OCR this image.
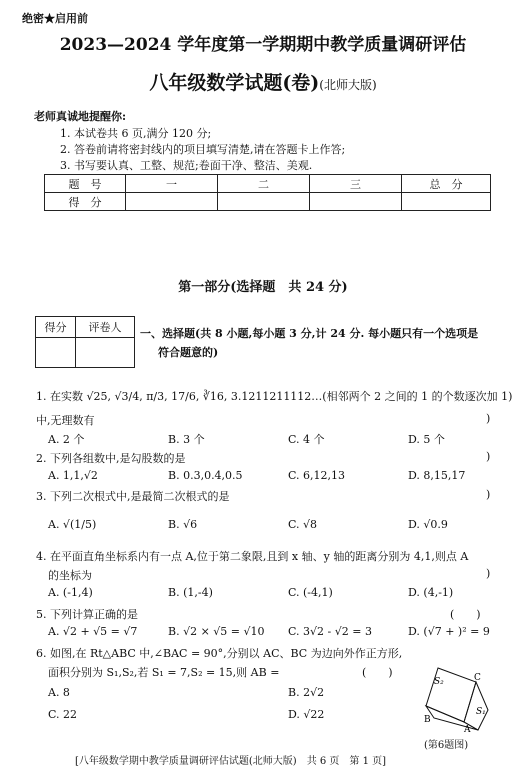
绝密★启用前
2023—2024 学年度第一学期期中教学质量调研评估
八年级数学试题(卷)(北师大版)
老师真诚地提醒你:
1. 本试卷共 6 页,满分 120 分;
2. 答卷前请将密封线内的项目填写清楚,请在答题卡上作答;
3. 书写要认真、工整、规范;卷面干净、整洁、美观.
题　号	一	二	三	总　分
得　分				
第一部分(选择题　共 24 分)
得分	评卷人
	一、选择题(共 8 小题,每小题 3 分,计 24 分. 每小题只有一个选项是
符合题意的)
1. 在实数 √25, √3/4, π/3, 17/6, ∛16, 3.1211211112…(相邻两个 2 之间的 1 的个数逐次加 1)
中,无理数有	)
A. 2 个	B. 3 个	C. 4 个	D. 5 个
2. 下列各组数中,是勾股数的是	)
A. 1,1,√2	B. 0.3,0.4,0.5	C. 6,12,13	D. 8,15,17
3. 下列二次根式中,是最简二次根式的是	)
A. √(1/5)	B. √6	C. √8	D. √0.9
4. 在平面直角坐标系内有一点 A,位于第二象限,且到 x 轴、y 轴的距离分别为 4,1,则点 A
的坐标为	)
A. (-1,4)	B. (1,-4)	C. (-4,1)	D. (4,-1)
5. 下列计算正确的是	(　　)
A. √2 + √5 = √7	B. √2 × √5 = √10 C. 3√2 - √2 = 3	D. (√7 + )² = 9
6. 如图,在 Rt△ABC 中,∠BAC = 90°,分别以 AC、BC 为边向外作正方形,
面积分别为 S₁,S₂,若 S₁ = 7,S₂ = 15,则 AB =	(　　)
A. 8	B. 2√2
C. 22	D. √22
S₂
S₁
C
B
A
(第6题图)
[八年级数学期中教学质量调研评估试题(北师大版)　共 6 页　第 1 页]
